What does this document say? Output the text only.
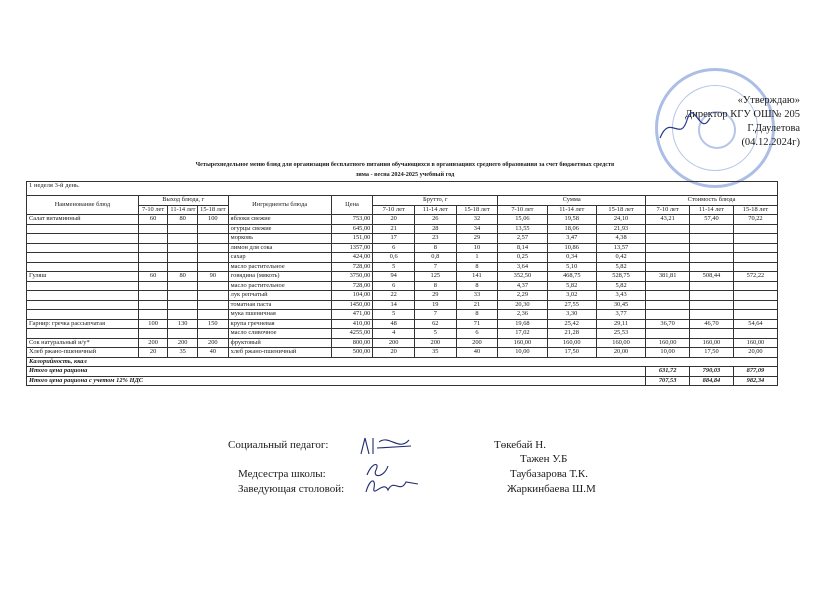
«Утверждаю»
Директор КГУ ОШ№ 205
Г.Даулетова
(04.12.2024г)
Четырехнедельное меню блюд для организации бесплатного питания обучающихся в организациях среднего образования за счет бюджетных средств
зима - весна 2024-2025 учебный год
1 неделя 3-й день.														
Наименование блюд	Выход блюда, г			Ингредиенты блюда	Цена	Брутто, г			Сумма			Стоимость блюда		
	7-10 лет	11-14 лет	15-18 лет			7-10 лет	11-14 лет	15-18 лет	7-10 лет	11-14 лет	15-18 лет	7-10 лет	11-14 лет	15-18 лет
Салат витаминный	60	80	100	яблоки свежие	753,00	20	26	32	15,06	19,58	24,10	43,21	57,40	70,22
				огурцы свежие	645,00	21	28	34	13,55	18,06	21,93			
				морковь	151,00	17	23	29	2,57	3,47	4,38			
				лимон для сока	1357,00	6	8	10	8,14	10,86	13,57			
				сахар	424,00	0,6	0,8	1	0,25	0,34	0,42			
				масло растительное	728,00	5	7	8	3,64	5,10	5,82			
Гуляш	60	80	90	говядина (мякоть)	3750,00	94	125	141	352,50	468,75	528,75	381,81	508,44	572,22
				масло растительное	728,00	6	8	8	4,37	5,82	5,82			
				лук репчатый	104,00	22	29	33	2,29	3,02	3,43			
				томатная паста	1450,00	14	19	21	20,30	27,55	30,45			
				мука пшеничная	471,00	5	7	8	2,36	3,30	3,77			
Гарнир: гречка рассыпчатая	100	130	150	крупа гречневая	410,00	48	62	71	19,68	25,42	29,11	36,70	46,70	54,64
				масло сливочное	4255,00	4	5	6	17,02	21,28	25,53			
Сок натуральный и/у*	200	200	200	фруктовый	800,00	200	200	200	160,00	160,00	160,00	160,00	160,00	160,00
Хлеб ржано-пшеничный	20	35	40	хлеб ржано-пшеничный	500,00	20	35	40	10,00	17,50	20,00	10,00	17,50	20,00
Калорийность, ккал														
Итого цена рациона												631,72	790,03	877,09
Итого цена рациона с учетом 12% НДС												707,53	884,84	982,34
Социальный педагог:	Төкебай Н.
Тажен У.Б
Медсестра школы:	Таубазарова Т.К.
Заведующая столовой:	Жаркинбаева Ш.М
